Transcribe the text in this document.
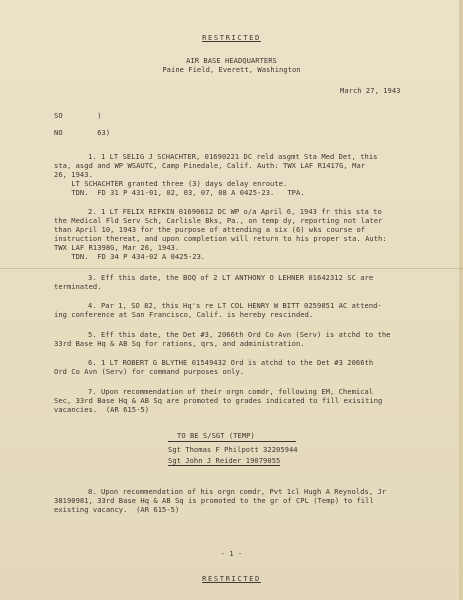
RESTRICTED
AIR BASE HEADQUARTERS
Paine Field, Everett, Washington
March 27, 1943
SO        )
NO        63)
1. 1 LT SELIG J SCHACHTER, 01690221 DC reld asgmt Sta Med Det, this
sta, asgd and WP WSAUTC, Camp Pinedale, Calif. Auth: TWX LAF R1417G, Mar
26, 1943.
LT SCHACHTER granted three (3) days delay enroute.
TDN.  FD 31 P 431-01, 02, 03, 07, 08 A 0425-23.   TPA.
2. 1 LT FELIX RIFKIN 01690612 DC WP o/a April 6, 1943 fr this sta to
the Medical Fld Serv Sch, Carlisle Bks, Pa., on temp dy, reporting not later
than April 10, 1943 for the purpose of attending a six (6) wks course of
instruction thereat, and upon completion will return to his proper sta. Auth:
TWX LAF R1398G, Mar 26, 1943.
TDN.  FD 34 P 434-02 A 0425-23.
3. Eff this date, the BOQ of 2 LT ANTHONY O LEHNER 01642312 SC are
terminated.
4. Par 1, SO 82, this Hq's re LT COL HENRY W BITT 0259851 AC attend-
ing conference at San Francisco, Calif. is hereby rescinded.
5. Eff this date, the Det #3, 2066th Ord Co Avn (Serv) is atchd to the
33rd Base Hq & AB Sq for rations, qrs, and administration.
6. 1 LT ROBERT G BLYTHE 01549432 Ord is atchd to the Det #3 2066th
Ord Co Avn (Serv) for command purposes only.
7. Upon recommendation of their orgn comdr, following EM, Chemical
Sec, 33rd Base Hq & AB Sq are promoted to grades indicated to fill exisiting
vacancies.  (AR 615-5)
TO BE S/SGT (TEMP)
Sgt Thomas F Philpott 32205944
Sgt John J Reider 19079055
8. Upon recommendation of his orgn comdr, Pvt 1cl Hugh A Reynolds, Jr
38190981, 33rd Base Hq & AB Sq is promoted to the gr of CPL (Temp) to fill
existing vacancy.  (AR 615-5)
- 1 -
RESTRICTED
